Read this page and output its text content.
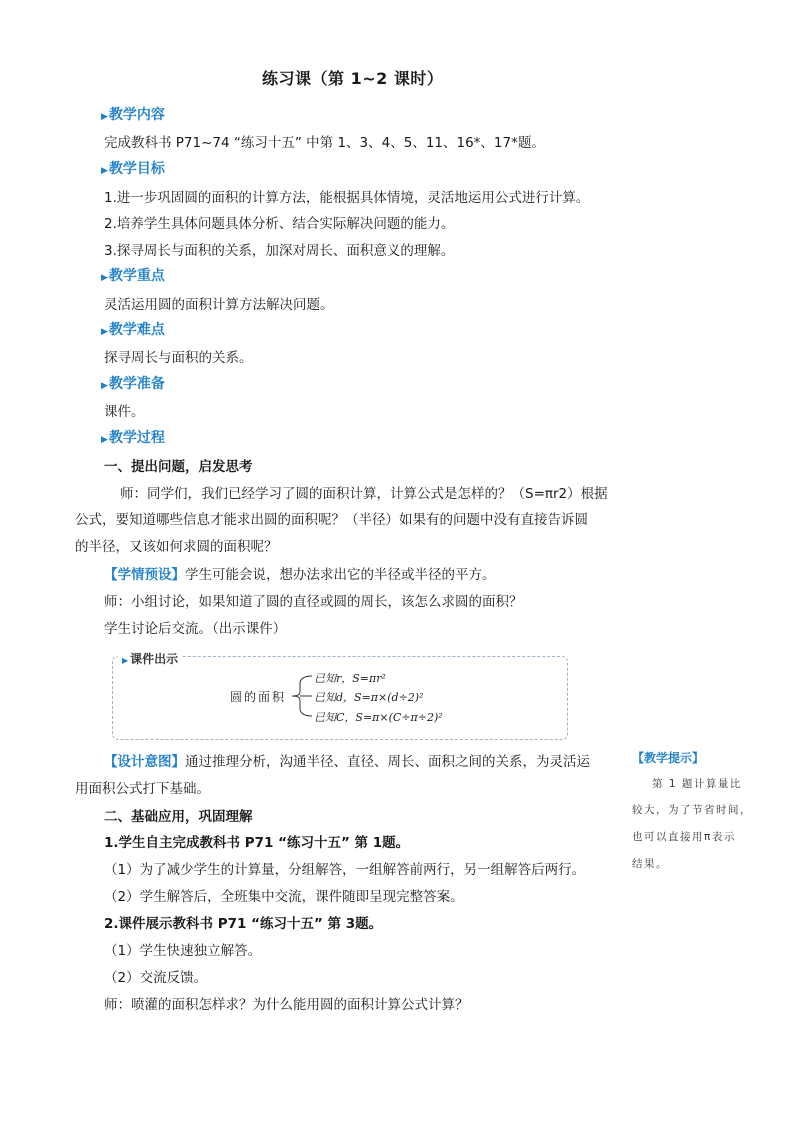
练习课（第 1~2 课时）
▶教学内容
完成教科书 P71~74 “练习十五” 中第 1、3、4、5、11、16*、17*题。
▶教学目标
1.进一步巩固圆的面积的计算方法，能根据具体情境，灵活地运用公式进行计算。
2.培养学生具体问题具体分析、结合实际解决问题的能力。
3.探寻周长与面积的关系，加深对周长、面积意义的理解。
▶教学重点
灵活运用圆的面积计算方法解决问题。
▶教学难点
探寻周长与面积的关系。
▶教学准备
课件。
▶教学过程
一、提出问题，启发思考
师：同学们，我们已经学习了圆的面积计算，计算公式是怎样的？（S=πr2）根据
公式，要知道哪些信息才能求出圆的面积呢？（半径）如果有的问题中没有直接告诉圆
的半径，又该如何求圆的面积呢？
【学情预设】学生可能会说，想办法求出它的半径或半径的平方。
师：小组讨论，如果知道了圆的直径或圆的周长，该怎么求圆的面积？
学生讨论后交流。（出示课件）
▶ 课件出示
圆的面积
已知r，S=πr²
已知d，S=π×(d÷2)²
已知C，S=π×(C÷π÷2)²
【设计意图】通过推理分析，沟通半径、直径、周长、面积之间的关系，为灵活运
用面积公式打下基础。
二、基础应用，巩固理解
1.学生自主完成教科书 P71 “练习十五” 第 1题。
（1）为了减少学生的计算量，分组解答，一组解答前两行，另一组解答后两行。
（2）学生解答后，全班集中交流，课件随即呈现完整答案。
2.课件展示教科书 P71 “练习十五” 第 3题。
（1）学生快速独立解答。
（2）交流反馈。
师：喷灌的面积怎样求？为什么能用圆的面积计算公式计算？
【教学提示】
第 1 题计算量比
较大，为了节省时间，
也可以直接用π表示
结果。
